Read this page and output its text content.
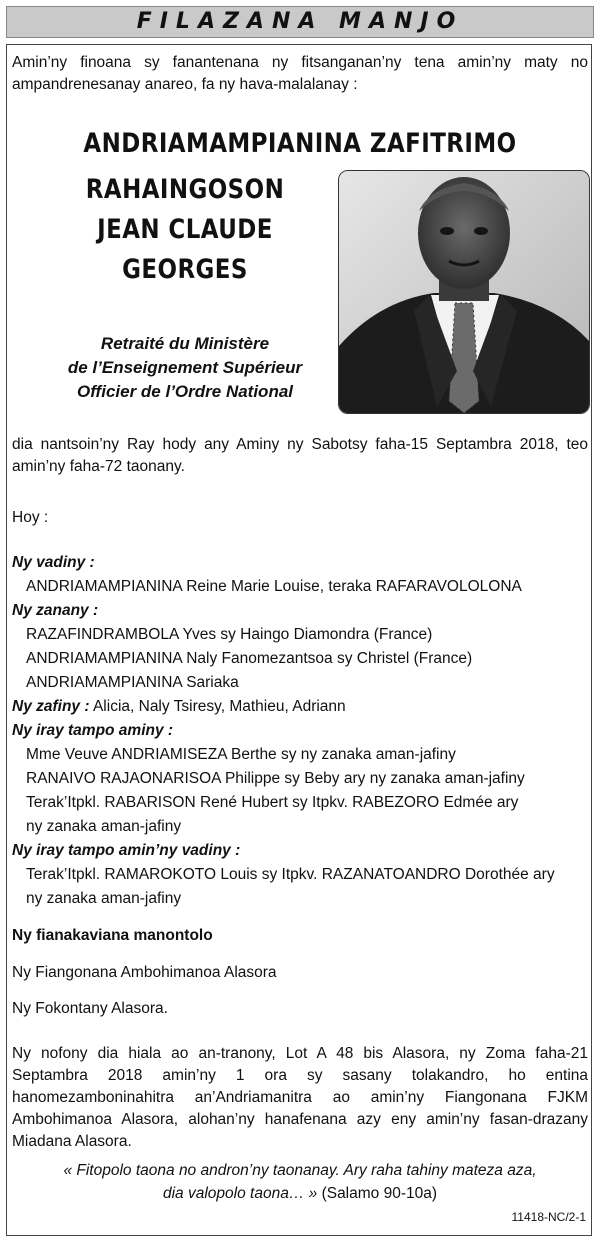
FILAZANA MANJO
Amin’ny finoana sy fanantenana ny fitsanganan’ny tena amin’ny maty no ampandrenesanay anareo, fa ny hava-malalanay :
ANDRIAMAMPIANINA ZAFITRIMO
RAHAINGOSON
JEAN CLAUDE
GEORGES
Retraité du Ministère
de l’Enseignement Supérieur
Officier de l’Ordre National
dia nantsoin’ny Ray hody any Aminy ny Sabotsy faha-15 Septambra 2018, teo amin’ny faha-72 taonany.
Hoy :
Ny vadiny :
ANDRIAMAMPIANINA Reine Marie Louise, teraka RAFARAVOLOLONA
Ny zanany :
RAZAFINDRAMBOLA Yves sy Haingo Diamondra (France)
ANDRIAMAMPIANINA Naly Fanomezantsoa sy Christel (France)
ANDRIAMAMPIANINA Sariaka
Ny zafiny : Alicia, Naly Tsiresy, Mathieu, Adriann
Ny iray tampo aminy :
Mme Veuve ANDRIAMISEZA Berthe sy ny zanaka aman-jafiny
RANAIVO RAJAONARISOA Philippe sy Beby ary ny zanaka aman-jafiny
Terak’Itpkl. RABARISON René Hubert sy Itpkv. RABEZORO Edmée ary
ny zanaka aman-jafiny
Ny iray tampo amin’ny vadiny :
Terak’Itpkl. RAMAROKOTO Louis sy Itpkv. RAZANATOANDRO Dorothée ary
ny zanaka aman-jafiny
Ny fianakaviana manontolo
Ny Fiangonana Ambohimanoa Alasora
Ny Fokontany Alasora.
Ny nofony dia hiala ao an-tranony, Lot A 48 bis Alasora, ny Zoma faha-21 Septambra 2018 amin’ny 1 ora sy sasany tolakandro, ho entina hanomezamboninahitra an’Andriamanitra ao amin’ny Fiangonana FJKM Ambohimanoa Alasora, alohan’ny hanafenana azy eny amin’ny fasan-drazany Miadana Alasora.
« Fitopolo taona no andron’ny taonanay. Ary raha tahiny mateza aza,
dia valopolo taona… » (Salamo 90-10a)
11418-NC/2-1
